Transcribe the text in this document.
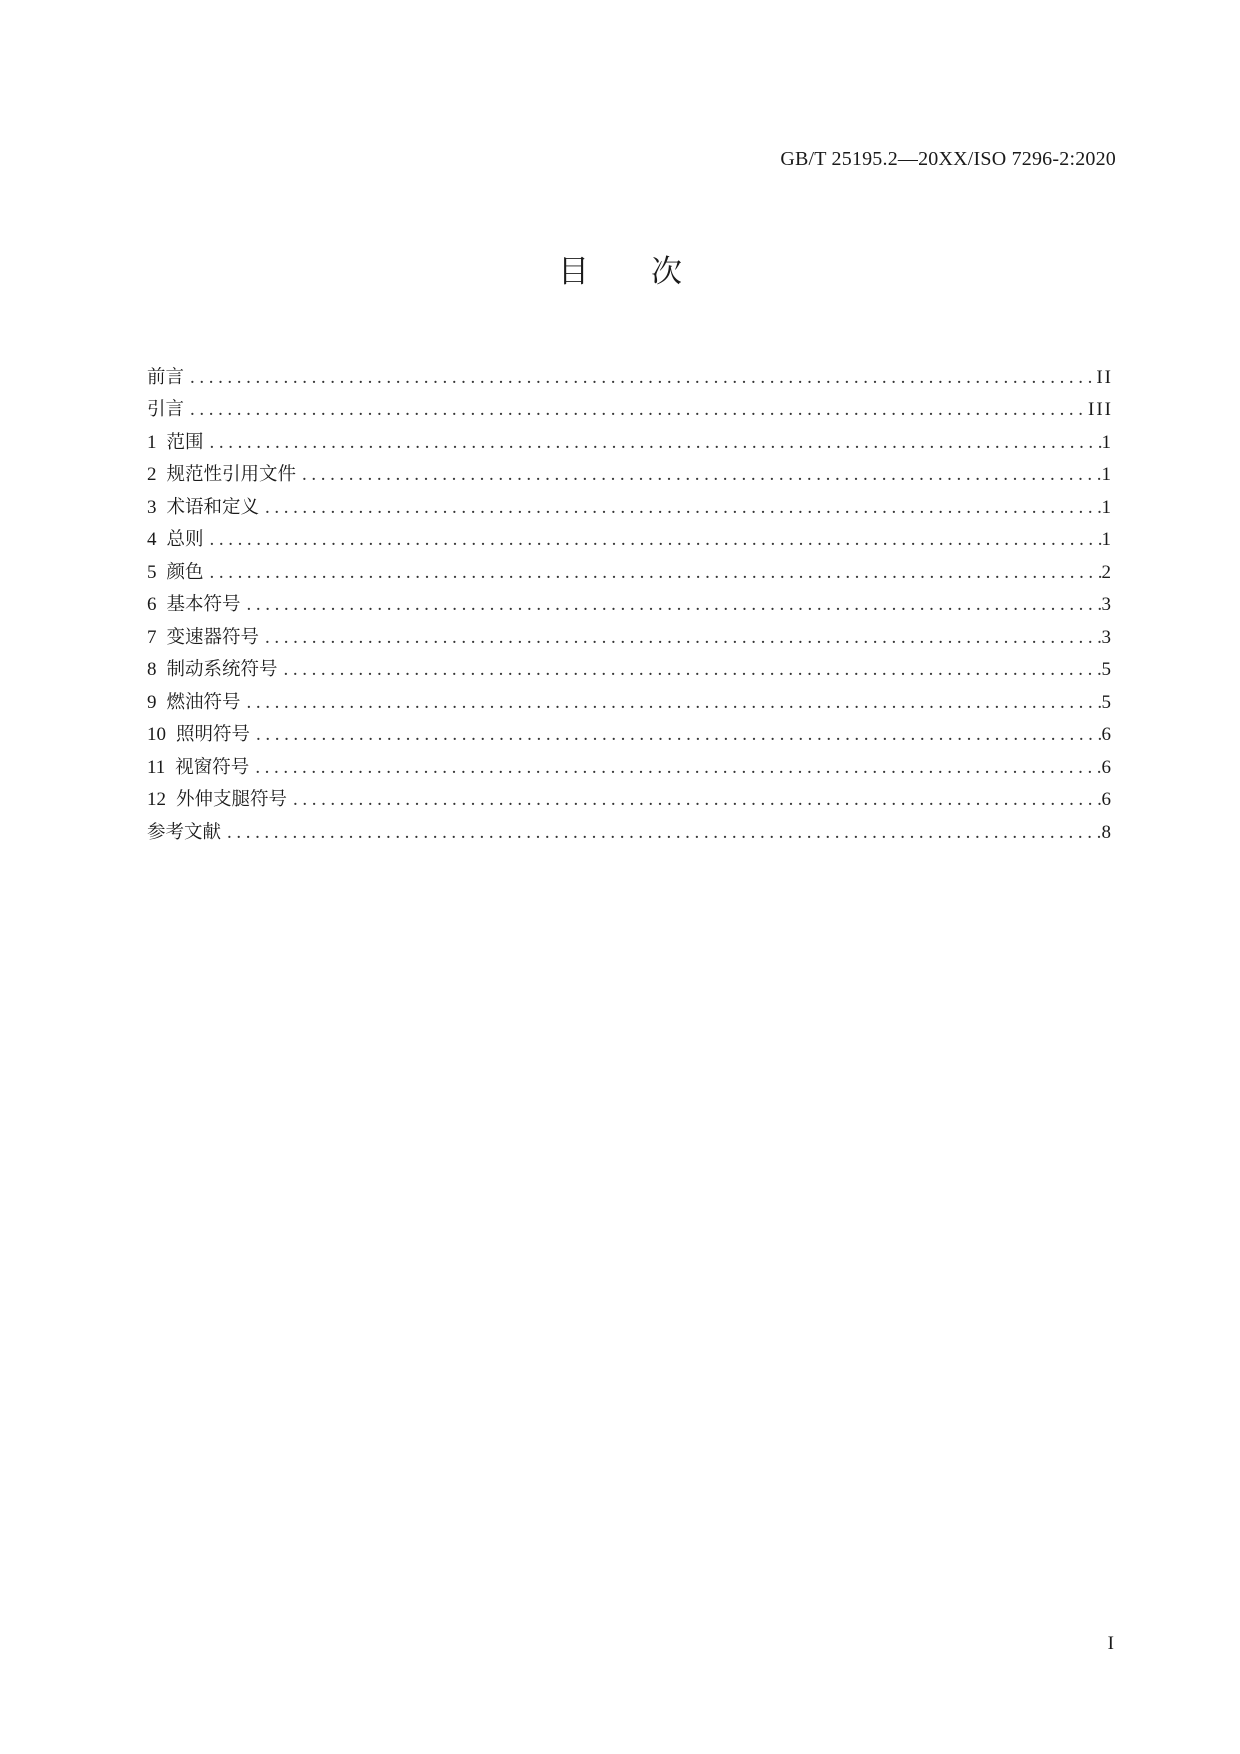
GB/T 25195.2—20XX/ISO 7296-2:2020
目 次
前言 .....	II
引言 .....	III
1 范围 .....	1
2 规范性引用文件 .....	1
3 术语和定义 .....	1
4 总则 .....	1
5 颜色 .....	2
6 基本符号 .....	3
7 变速器符号 .....	3
8 制动系统符号 .....	5
9 燃油符号 .....	5
10 照明符号 .....	6
11 视窗符号 .....	6
12 外伸支腿符号 .....	6
参考文献 .....	8
I
